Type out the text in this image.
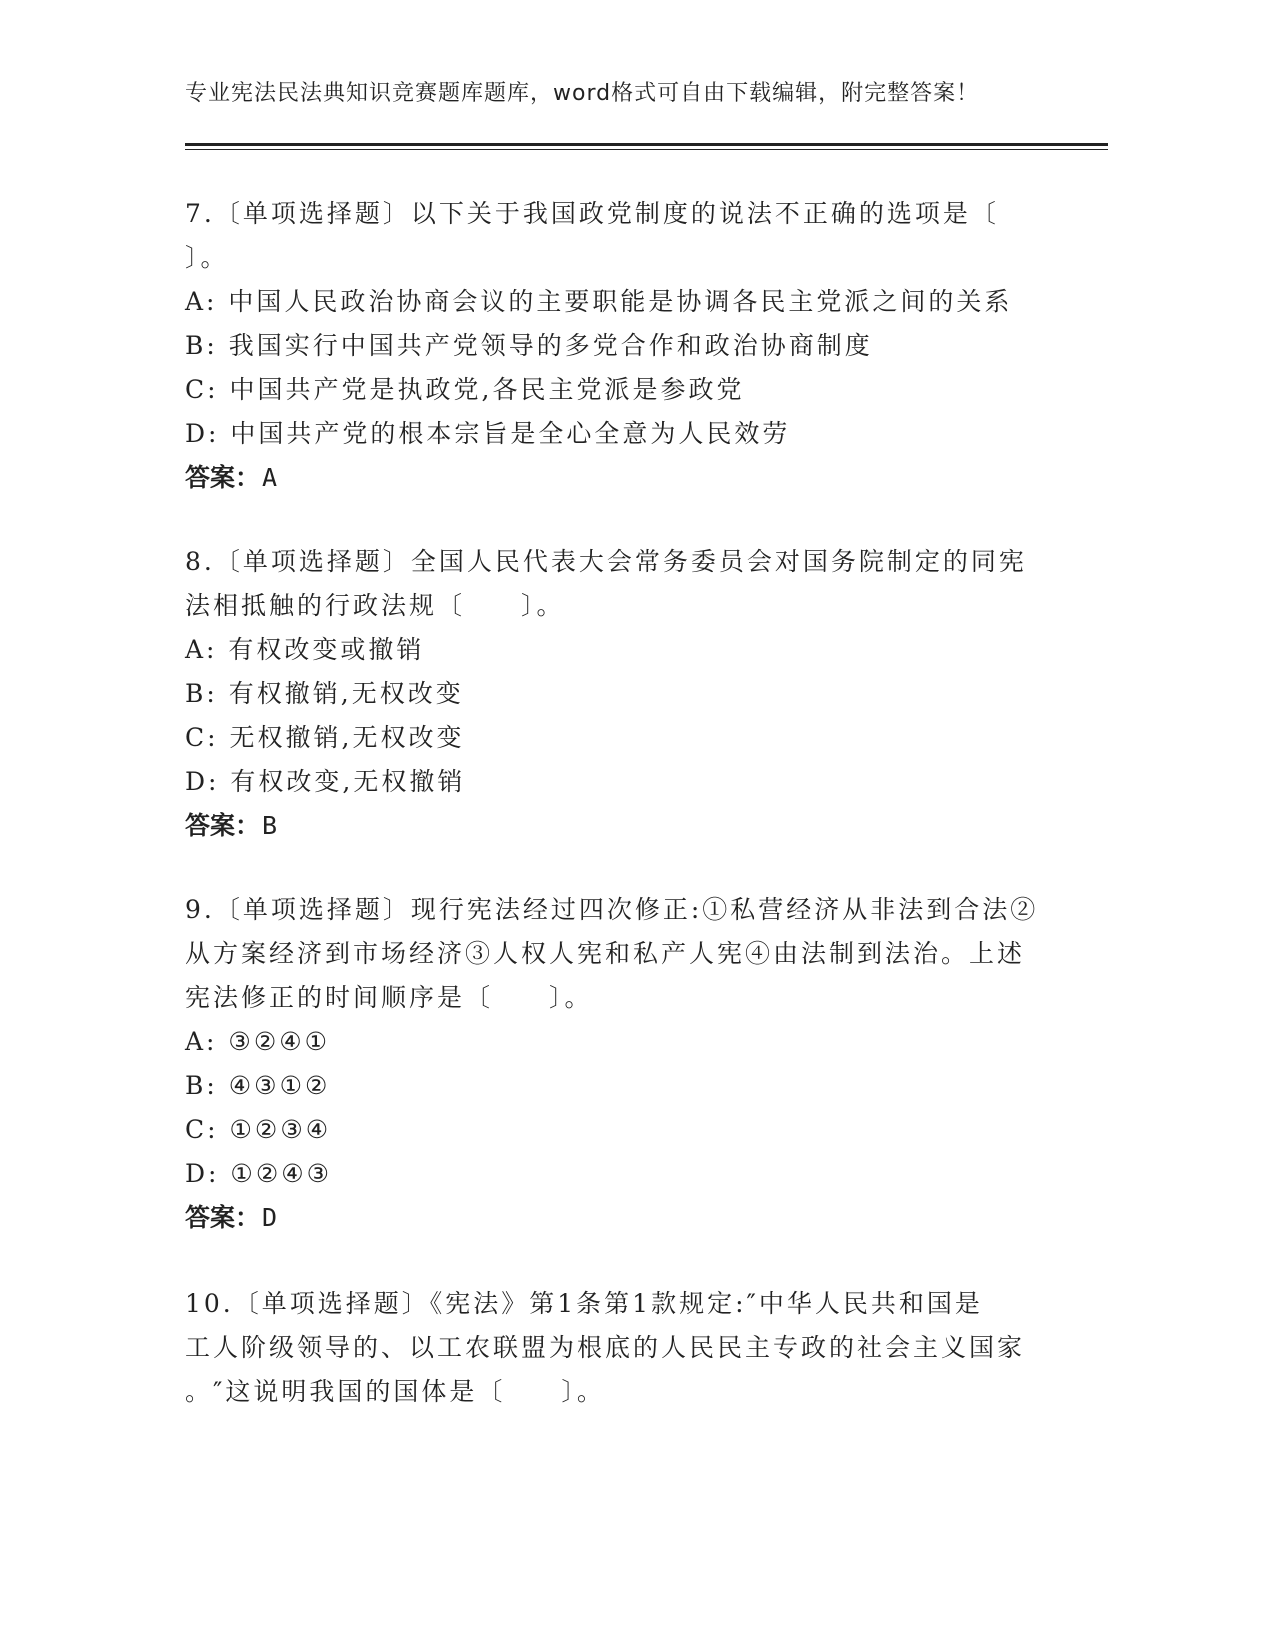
专业宪法民法典知识竞赛题库题库，word格式可自由下载编辑，附完整答案！
7.〔单项选择题〕以下关于我国政党制度的说法不正确的选项是〔
〕。
A: 中国人民政治协商会议的主要职能是协调各民主党派之间的关系
B: 我国实行中国共产党领导的多党合作和政治协商制度
C: 中国共产党是执政党,各民主党派是参政党
D: 中国共产党的根本宗旨是全心全意为人民效劳
答案：A
8.〔单项选择题〕全国人民代表大会常务委员会对国务院制定的同宪
法相抵触的行政法规〔　　〕。
A: 有权改变或撤销
B: 有权撤销,无权改变
C: 无权撤销,无权改变
D: 有权改变,无权撤销
答案：B
9.〔单项选择题〕现行宪法经过四次修正:①私营经济从非法到合法②
从方案经济到市场经济③人权人宪和私产人宪④由法制到法治。上述
宪法修正的时间顺序是〔　　〕。
A: ③②④①
B: ④③①②
C: ①②③④
D: ①②④③
答案：D
10.〔单项选择题〕《宪法》第1条第1款规定:″中华人民共和国是
工人阶级领导的、以工农联盟为根底的人民民主专政的社会主义国家
。″这说明我国的国体是〔　　〕。
